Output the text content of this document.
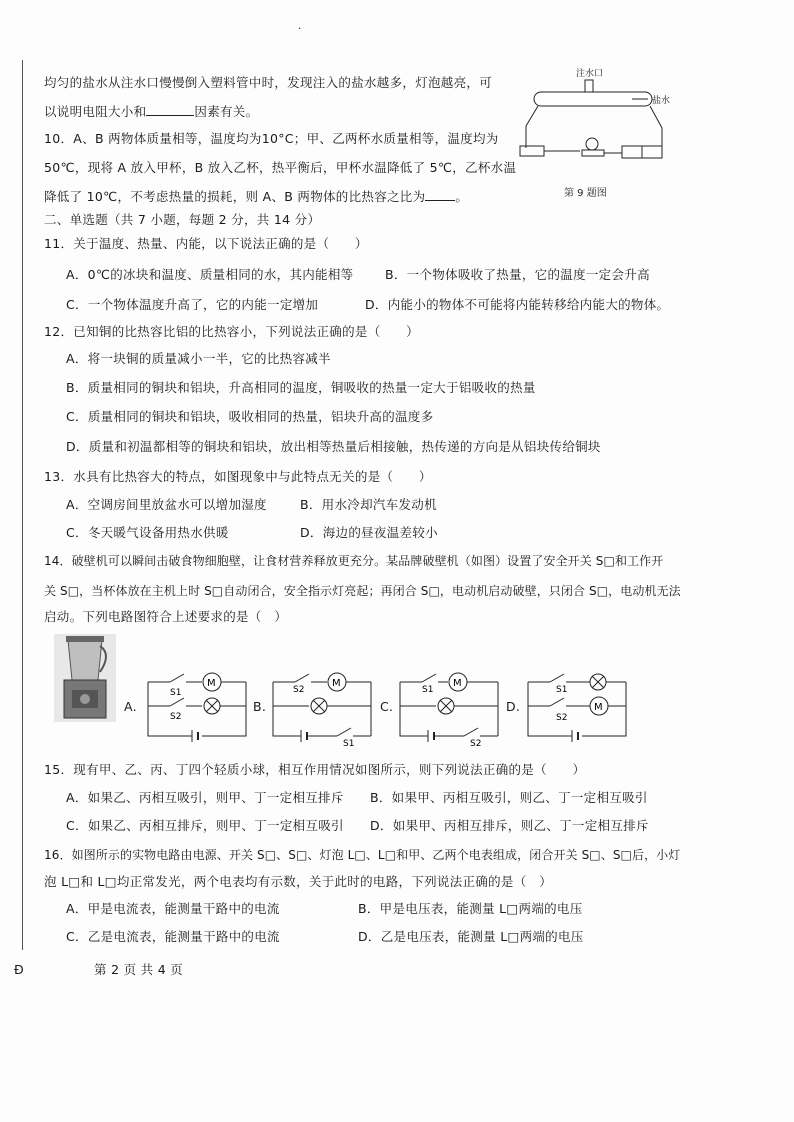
·
均匀的盐水从注水口慢慢倒入塑料管中时，发现注入的盐水越多，灯泡越亮，可
以说明电阻大小和	因素有关。
注水口
盐水
第 9 题图
10．A、B 两物体质量相等，温度均为10°C；甲、乙两杯水质量相等，温度均为
50℃，现将 A 放入甲杯，B 放入乙杯，热平衡后，甲杯水温降低了 5℃，乙杯水温
降低了 10℃，不考虑热量的损耗，则 A、B 两物体的比热容之比为 。
二、单选题（共 7 小题，每题 2 分，共 14 分）
11．关于温度、热量、内能，以下说法正确的是（　　）
A．0℃的冰块和温度、质量相同的水，其内能相等	B．一个物体吸收了热量，它的温度一定会升高
C．一个物体温度升高了，它的内能一定增加	D．内能小的物体不可能将内能转移给内能大的物体。
12．已知铜的比热容比铝的比热容小，下列说法正确的是（　　）
A．将一块铜的质量减小一半，它的比热容减半
B．质量相同的铜块和铝块，升高相同的温度，铜吸收的热量一定大于铝吸收的热量
C．质量相同的铜块和铝块，吸收相同的热量，铝块升高的温度多
D．质量和初温都相等的铜块和铝块，放出相等热量后相接触，热传递的方向是从铝块传给铜块
13．水具有比热容大的特点，如图现象中与此特点无关的是（　　）
A．空调房间里放盆水可以增加湿度	B．用水冷却汽车发动机
C．冬天暖气设备用热水供暖	D．海边的昼夜温差较小
14．破壁机可以瞬间击破食物细胞壁，让食材营养释放更充分。某品牌破壁机（如图）设置了安全开关 S□和工作开
关 S□，当杯体放在主机上时 S□自动闭合，安全指示灯亮起；再闭合 S□，电动机启动破壁，只闭合 S□，电动机无法
启动。下列电路图符合上述要求的是（　）
A.
M
S1
S2
B.
S1
M
S2
C.
S2
M
S1
D.
S1
M
S2
15．现有甲、乙、丙、丁四个轻质小球，相互作用情况如图所示，则下列说法正确的是（　　）
A．如果乙、丙相互吸引，则甲、丁一定相互排斥 B．如果甲、丙相互吸引，则乙、丁一定相互吸引
C．如果乙、丙相互排斥，则甲、丁一定相互吸引 D．如果甲、丙相互排斥，则乙、丁一定相互排斥
16．如图所示的实物电路由电源、开关 S□、S□、灯泡 L□、L□和甲、乙两个电表组成，闭合开关 S□、S□后，小灯
泡 L□和 L□均正常发光，两个电表均有示数，关于此时的电路，下列说法正确的是（　）
A．甲是电流表，能测量干路中的电流	B．甲是电压表，能测量 L□两端的电压
C．乙是电流表，能测量干路中的电流	D．乙是电压表，能测量 L□两端的电压
Ð	第 2 页 共 4 页
